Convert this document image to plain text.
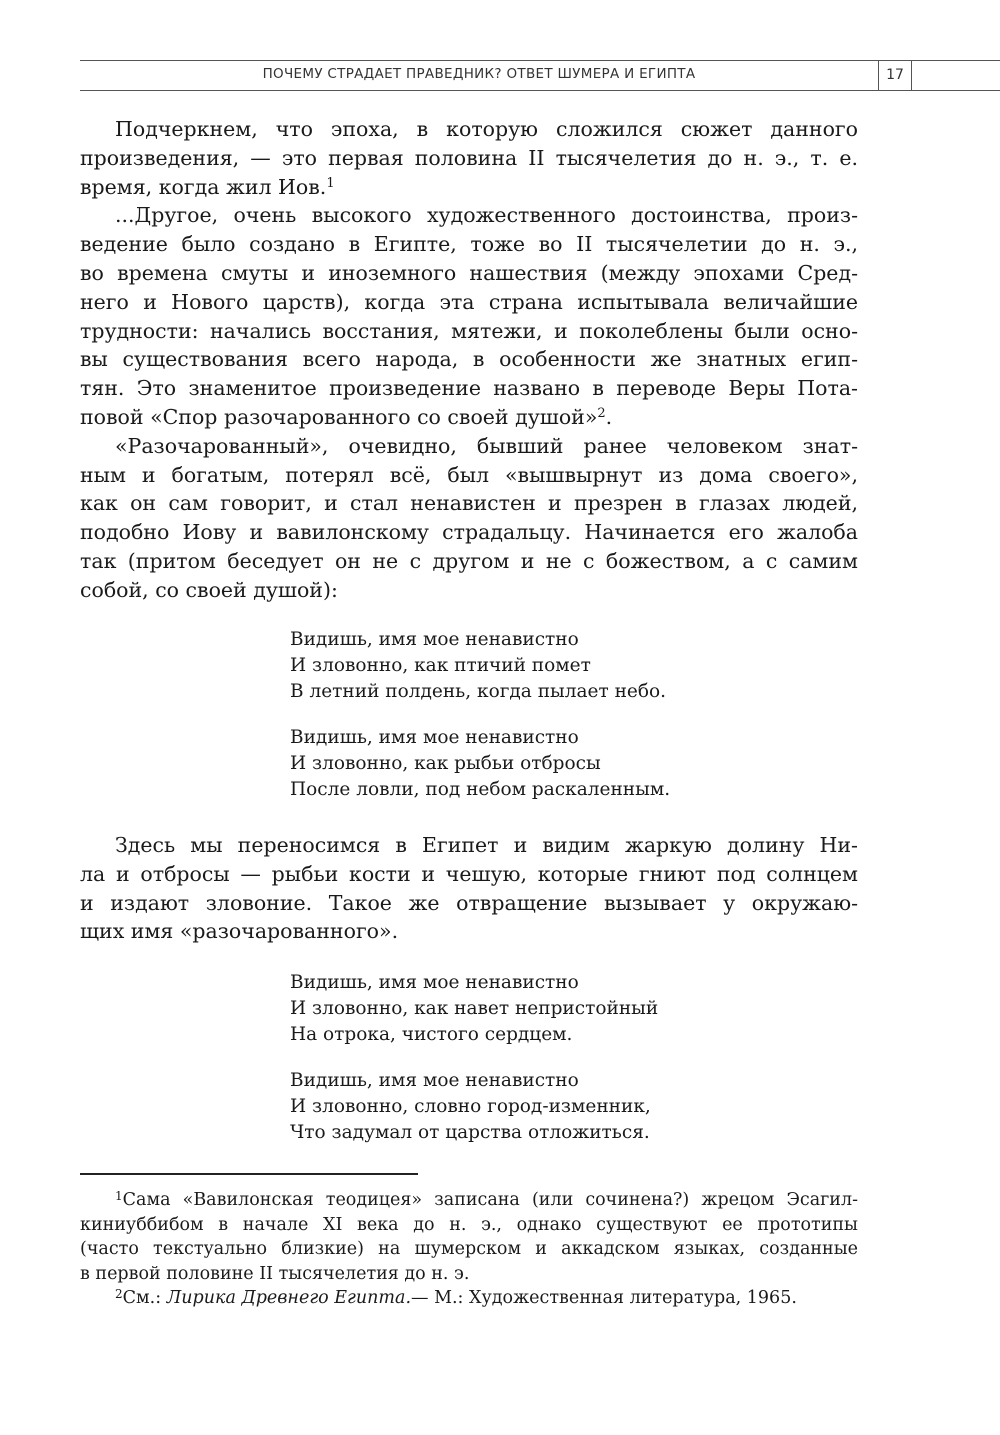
ПОЧЕМУ СТРАДАЕТ ПРАВЕДНИК? ОТВЕТ ШУМЕРА И ЕГИПТА	17
Подчеркнем, что эпоха, в которую сложился сюжет данного
произведения, — это первая половина II тысячелетия до н. э., т. е.
время, когда жил Иов.$^1$
...Другое, очень высокого художественного достоинства, произ-
ведение было создано в Египте, тоже во II тысячелетии до н. э.,
во времена смуты и иноземного нашествия (между эпохами Сред-
него и Нового царств), когда эта страна испытывала величайшие
трудности: начались восстания, мятежи, и поколеблены были осно-
вы существования всего народа, в особенности же знатных егип-
тян. Это знаменитое произведение названо в переводе Веры Пота-
повой «Спор разочарованного со своей душой»$^2$.
«Разочарованный», очевидно, бывший ранее человеком знат-
ным и богатым, потерял всё, был «вышвырнут из дома своего»,
как он сам говорит, и стал ненавистен и презрен в глазах людей,
подобно Иову и вавилонскому страдальцу. Начинается его жалоба
так (притом беседует он не с другом и не с божеством, а с самим
собой, со своей душой):
Видишь, имя мое ненавистно
И зловонно, как птичий помет
В летний полдень, когда пылает небо.
Видишь, имя мое ненавистно
И зловонно, как рыбьи отбросы
После ловли, под небом раскаленным.
Здесь мы переносимся в Египет и видим жаркую долину Ни-
ла и отбросы — рыбьи кости и чешую, которые гниют под солнцем
и издают зловоние. Такое же отвращение вызывает у окружаю-
щих имя «разочарованного».
Видишь, имя мое ненавистно
И зловонно, как навет непристойный
На отрока, чистого сердцем.
Видишь, имя мое ненавистно
И зловонно, словно город-изменник,
Что задумал от царства отложиться.
$^1$Сама «Вавилонская теодицея» записана (или сочинена?) жрецом Эсагил-
киниуббибом в начале XI века до н. э., однако существуют ее прототипы
(часто текстуально близкие) на шумерском и аккадском языках, созданные
в первой половине II тысячелетия до н. э.
$^2$См.: Лирика Древнего Египта.— М.: Художественная литература, 1965.
